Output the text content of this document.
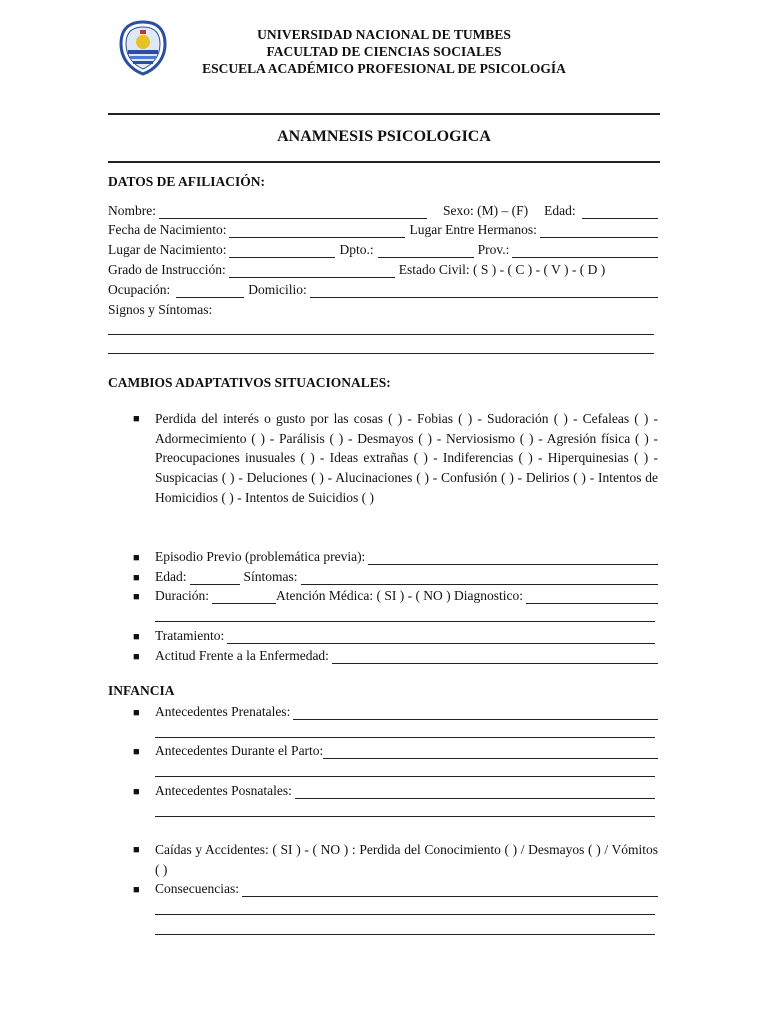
UNIVERSIDAD NACIONAL DE TUMBES
FACULTAD DE CIENCIAS SOCIALES
ESCUELA ACADÉMICO PROFESIONAL DE PSICOLOGÍA
ANAMNESIS PSICOLOGICA
DATOS DE AFILIACIÓN:
Nombre:	Sexo: (M) – (F) Edad:
Fecha de Nacimiento:	Lugar Entre Hermanos:
Lugar de Nacimiento:	Dpto.:	Prov.:
Grado de Instrucción:	Estado Civil: ( S ) - ( C ) - ( V ) - ( D )
Ocupación:	Domicilio:
Signos y Síntomas:
CAMBIOS ADAPTATIVOS SITUACIONALES:
■ Perdida del interés o gusto por las cosas ( ) - Fobias ( ) - Sudoración ( ) - Cefaleas ( ) - Adormecimiento ( ) - Parálisis ( ) - Desmayos ( ) - Nerviosismo ( ) - Agresión física ( ) - Preocupaciones inusuales ( ) - Ideas extrañas ( ) - Indiferencias ( ) - Hiperquinesias ( ) - Suspicacias ( ) - Deluciones ( ) - Alucinaciones ( ) - Confusión ( ) - Delirios ( ) - Intentos de Homicidios ( ) - Intentos de Suicidios ( )
■ Episodio Previo (problemática previa):
■ Edad:	Síntomas:
■ Duración:	Atención Médica: ( SI ) - ( NO ) Diagnostico:
■ Tratamiento:
■ Actitud Frente a la Enfermedad:
INFANCIA
■ Antecedentes Prenatales:
■ Antecedentes Durante el Parto:
■ Antecedentes Posnatales:
■ Caídas y Accidentes: ( SI ) - ( NO ) : Perdida del Conocimiento ( ) / Desmayos ( ) / Vómitos ( )
■ Consecuencias:
